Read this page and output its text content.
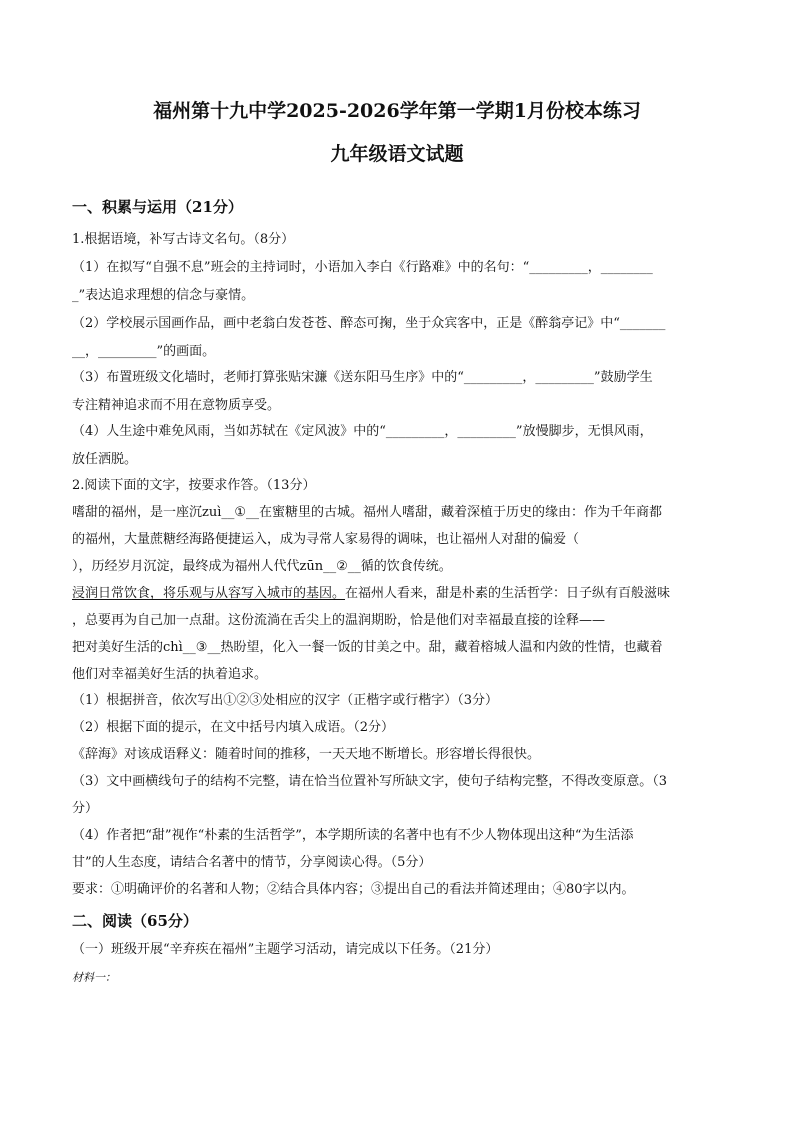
福州第十九中学2025-2026学年第一学期1月份校本练习
九年级语文试题
一、积累与运用（21分）
1.根据语境，补写古诗文名句。（8分）
（1）在拟写“自强不息”班会的主持词时，小语加入李白《行路难》中的名句：“_________，________
_”表达追求理想的信念与豪情。
（2）学校展示国画作品，画中老翁白发苍苍、醉态可掬，坐于众宾客中，正是《醉翁亭记》中“_______
__，_________”的画面。
（3）布置班级文化墙时，老师打算张贴宋濂《送东阳马生序》中的“_________，_________”鼓励学生
专注精神追求而不用在意物质享受。
（4）人生途中难免风雨，当如苏轼在《定风波》中的“_________，_________”放慢脚步，无惧风雨，
放任洒脱。
2.阅读下面的文字，按要求作答。（13分）
嗜甜的福州，是一座沉zuì__①__在蜜糖里的古城。福州人嗜甜，藏着深植于历史的缘由：作为千年商都
的福州，大量蔗糖经海路便捷运入，成为寻常人家易得的调味，也让福州人对甜的偏爱（
），历经岁月沉淀，最终成为福州人代代zūn__②__循的饮食传统。
浸润日常饮食，将乐观与从容写入城市的基因。在福州人看来，甜是朴素的生活哲学：日子纵有百般滋味
，总要再为自己加一点甜。这份流淌在舌尖上的温润期盼，恰是他们对幸福最直接的诠释——
把对美好生活的chì__③__热盼望，化入一餐一饭的甘美之中。甜，藏着榕城人温和内敛的性情，也藏着
他们对幸福美好生活的执着追求。
（1）根据拼音，依次写出①②③处相应的汉字（正楷字或行楷字）（3分）
（2）根据下面的提示，在文中括号内填入成语。（2分）
《辞海》对该成语释义：随着时间的推移，一天天地不断增长。形容增长得很快。
（3）文中画横线句子的结构不完整，请在恰当位置补写所缺文字，使句子结构完整，不得改变原意。（3
分）
（4）作者把“甜”视作“朴素的生活哲学”，本学期所读的名著中也有不少人物体现出这种“为生活添
甘”的人生态度，请结合名著中的情节，分享阅读心得。（5分）
要求：①明确评价的名著和人物；②结合具体内容；③提出自己的看法并简述理由；④80字以内。
二、阅读（65分）
（一）班级开展“辛弃疾在福州”主题学习活动，请完成以下任务。（21分）
材料一：
